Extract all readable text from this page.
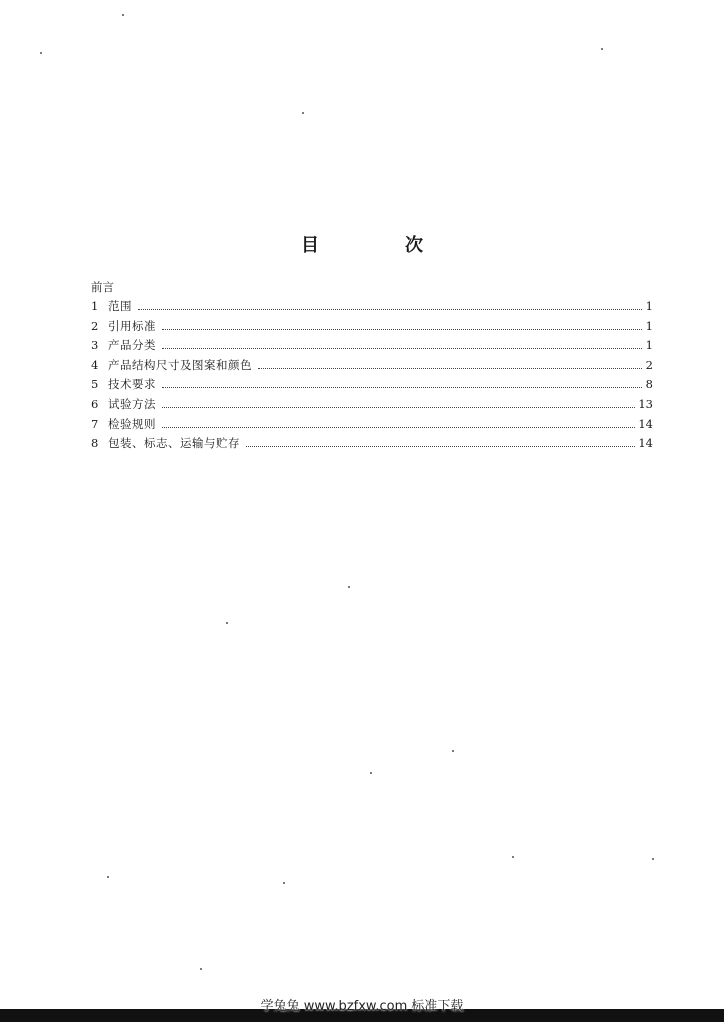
目　次
前言
1 范围	1
2 引用标准	1
3 产品分类	1
4 产品结构尺寸及图案和颜色	2
5 技术要求	8
6 试验方法	13
7 检验规则	14
8 包装、标志、运输与贮存	14
学兔兔 www.bzfxw.com 标准下载
